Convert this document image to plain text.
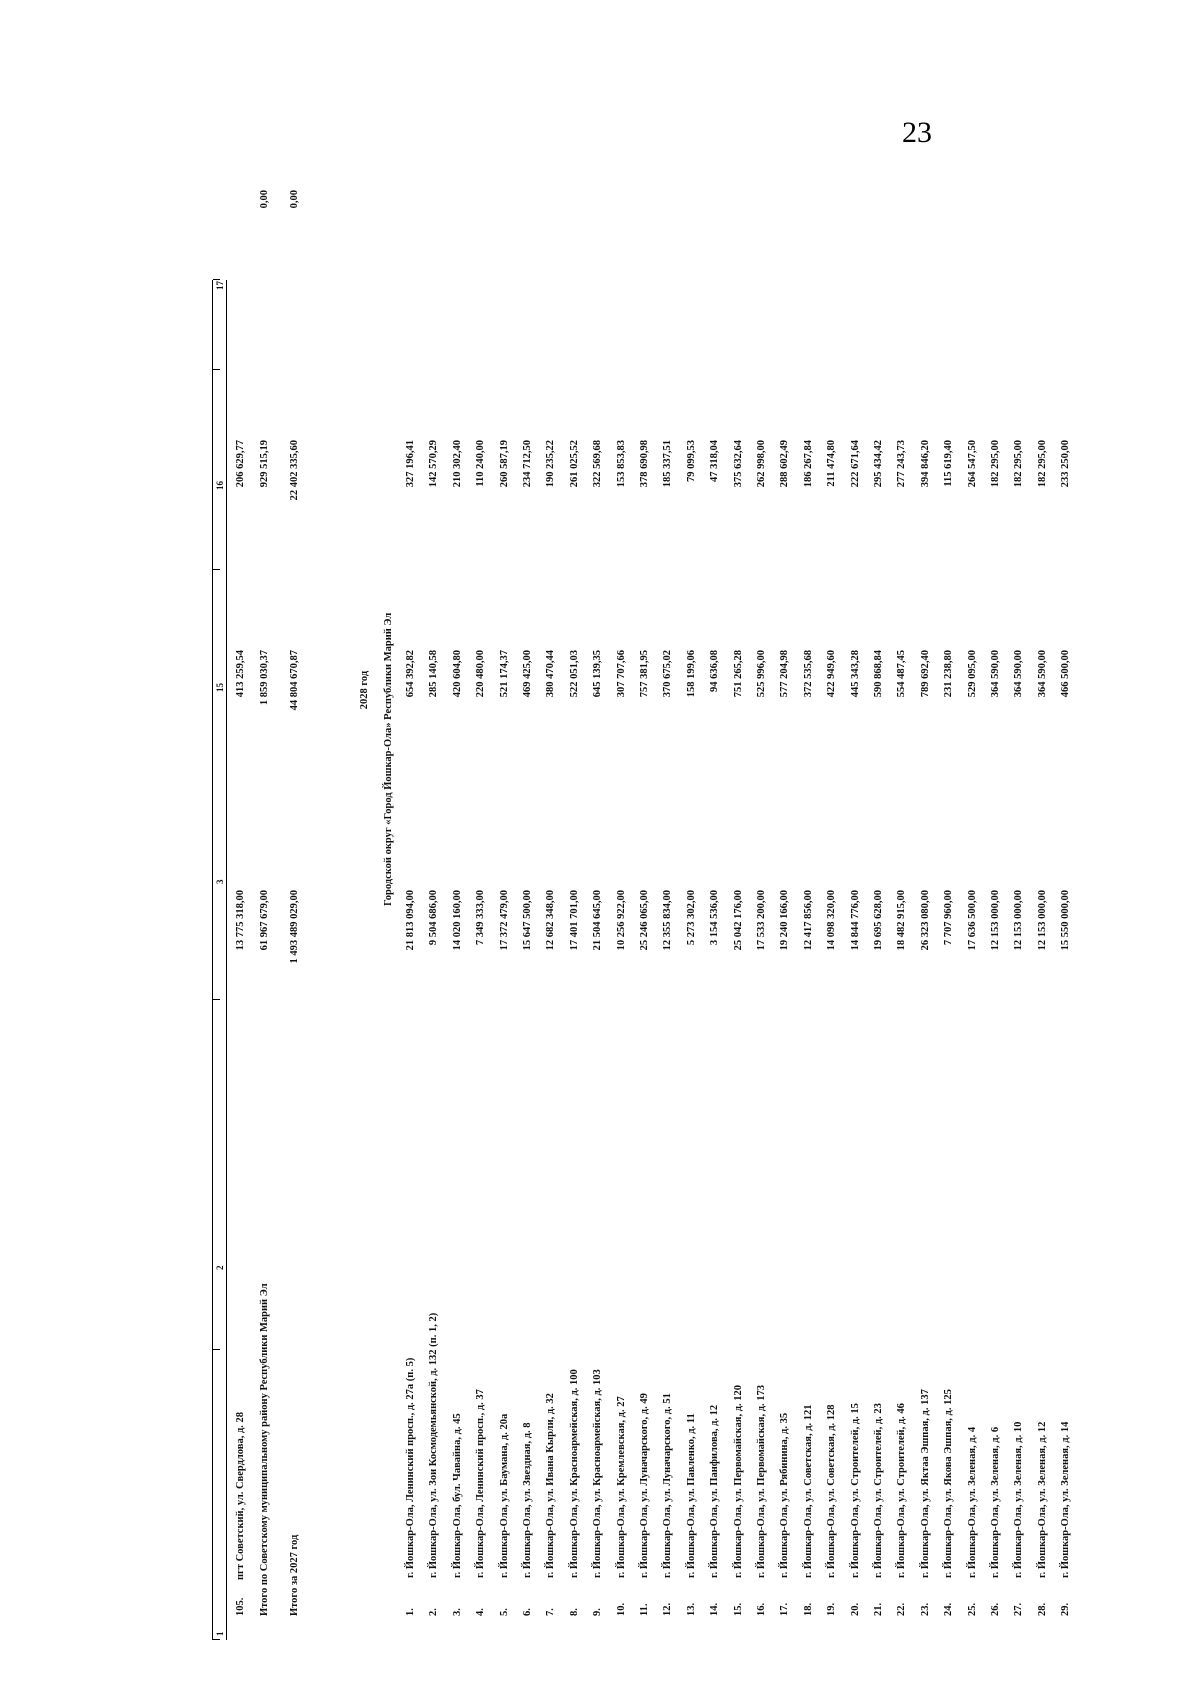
23
1
2
3
15
16
17
105.
пгт Советский, ул. Свердлова, д. 28
13 775 318,00
413 259,54
206 629,77
Итого по Советскому муниципальному району Республики Марий Эл
61 967 679,00
1 859 030,37
929 515,19
0,00
Итого за 2027 год
1 493 489 029,00
44 804 670,87
22 402 335,60
0,00
2028 год Городской округ «Город Йошкар-Ола» Республики Марий Эл
1.
г. Йошкар-Ола, Ленинский просп., д. 27а (п. 5)
21 813 094,00
654 392,82
327 196,41
2.
г. Йошкар-Ола, ул. Зои Космодемьянской, д. 132 (п. 1, 2)
9 504 686,00
285 140,58
142 570,29
3.
г. Йошкар-Ола, бул. Чавайна, д. 45
14 020 160,00
420 604,80
210 302,40
4.
г. Йошкар-Ола, Ленинский просп., д. 37
7 349 333,00
220 480,00
110 240,00
5.
г. Йошкар-Ола, ул. Баумана, д. 20а
17 372 479,00
521 174,37
260 587,19
6.
г. Йошкар-Ола, ул. Звездная, д. 8
15 647 500,00
469 425,00
234 712,50
7.
г. Йошкар-Ола, ул. Ивана Кырли, д. 32
12 682 348,00
380 470,44
190 235,22
8.
г. Йошкар-Ола, ул. Красноармейская, д. 100
17 401 701,00
522 051,03
261 025,52
9.
г. Йошкар-Ола, ул. Красноармейская, д. 103
21 504 645,00
645 139,35
322 569,68
10.
г. Йошкар-Ола, ул. Кремлевская, д. 27
10 256 922,00
307 707,66
153 853,83
11.
г. Йошкар-Ола, ул. Луначарского, д. 49
25 246 065,00
757 381,95
378 690,98
12.
г. Йошкар-Ола, ул. Луначарского, д. 51
12 355 834,00
370 675,02
185 337,51
13.
г. Йошкар-Ола, ул. Павленко, д. 11
5 273 302,00
158 199,06
79 099,53
14.
г. Йошкар-Ола, ул. Панфилова, д. 12
3 154 536,00
94 636,08
47 318,04
15.
г. Йошкар-Ола, ул. Первомайская, д. 120
25 042 176,00
751 265,28
375 632,64
16.
г. Йошкар-Ола, ул. Первомайская, д. 173
17 533 200,00
525 996,00
262 998,00
17.
г. Йошкар-Ола, ул. Рябинина, д. 35
19 240 166,00
577 204,98
288 602,49
18.
г. Йошкар-Ола, ул. Советская, д. 121
12 417 856,00
372 535,68
186 267,84
19.
г. Йошкар-Ола, ул. Советская, д. 128
14 098 320,00
422 949,60
211 474,80
20.
г. Йошкар-Ола, ул. Строителей, д. 15
14 844 776,00
445 343,28
222 671,64
21.
г. Йошкар-Ола, ул. Строителей, д. 23
19 695 628,00
590 868,84
295 434,42
22.
г. Йошкар-Ола, ул. Строителей, д. 46
18 482 915,00
554 487,45
277 243,73
23.
г. Йошкар-Ола, ул. Яктаа Эшпая, д. 137
26 323 080,00
789 692,40
394 846,20
24.
г. Йошкар-Ола, ул. Якова Эшпая, д. 125
7 707 960,00
231 238,80
115 619,40
25.
г. Йошкар-Ола, ул. Зеленая, д. 4
17 636 500,00
529 095,00
264 547,50
26.
г. Йошкар-Ола, ул. Зеленая, д. 6
12 153 000,00
364 590,00
182 295,00
27.
г. Йошкар-Ола, ул. Зеленая, д. 10
12 153 000,00
364 590,00
182 295,00
28.
г. Йошкар-Ола, ул. Зеленая, д. 12
12 153 000,00
364 590,00
182 295,00
29.
г. Йошкар-Ола, ул. Зеленая, д. 14
15 550 000,00
466 500,00
233 250,00
